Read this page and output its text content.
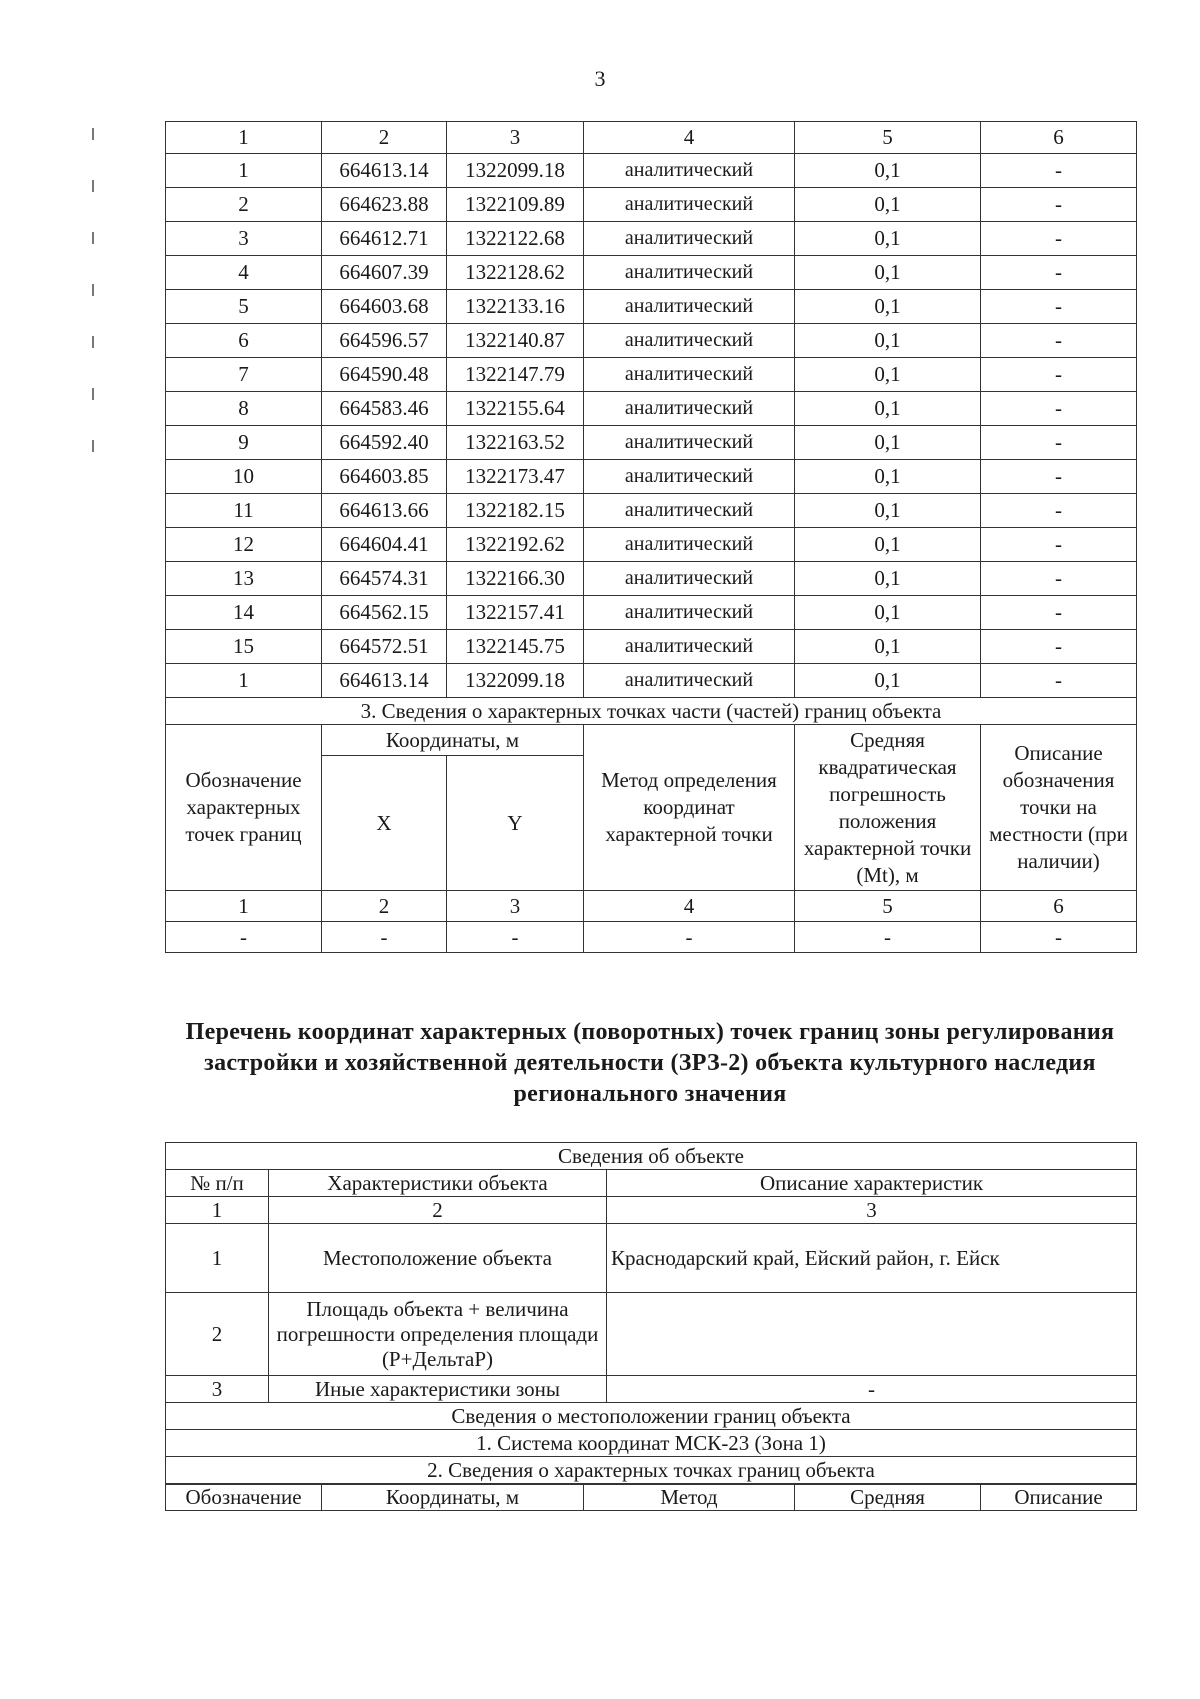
3
1	2	3	4	5	6
1	664613.14	1322099.18	аналитический	0,1	-
2	664623.88	1322109.89	аналитический	0,1	-
3	664612.71	1322122.68	аналитический	0,1	-
4	664607.39	1322128.62	аналитический	0,1	-
5	664603.68	1322133.16	аналитический	0,1	-
6	664596.57	1322140.87	аналитический	0,1	-
7	664590.48	1322147.79	аналитический	0,1	-
8	664583.46	1322155.64	аналитический	0,1	-
9	664592.40	1322163.52	аналитический	0,1	-
10	664603.85	1322173.47	аналитический	0,1	-
11	664613.66	1322182.15	аналитический	0,1	-
12	664604.41	1322192.62	аналитический	0,1	-
13	664574.31	1322166.30	аналитический	0,1	-
14	664562.15	1322157.41	аналитический	0,1	-
15	664572.51	1322145.75	аналитический	0,1	-
1	664613.14	1322099.18	аналитический	0,1	-
3. Сведения о характерных точках части (частей) границ объекта					
Обозначение характерных точек границ	Координаты, м		Метод определения координат характерной точки	Средняя квадратическая погрешность положения характерной точки (Mt), м	Описание обозначения точки на местности (при наличии)
	X	Y			
1	2	3	4	5	6
-	-	-	-	-	-
Перечень координат характерных (поворотных) точек границ зоны регулирования застройки и хозяйственной деятельности (ЗРЗ-2) объекта культурного наследия регионального значения
Сведения об объекте		
№ п/п	Характеристики объекта	Описание характеристик
1	2	3
1	Местоположение объекта	Краснодарский край, Ейский район, г. Ейск
2	Площадь объекта + величина погрешности определения площади (P+ДельтаP)	
3	Иные характеристики зоны	-
Сведения о местоположении границ объекта		
1. Система координат МСК-23 (Зона 1)		
2. Сведения о характерных точках границ объекта		
Обозначение	Координаты, м	Метод	Средняя	Описание
